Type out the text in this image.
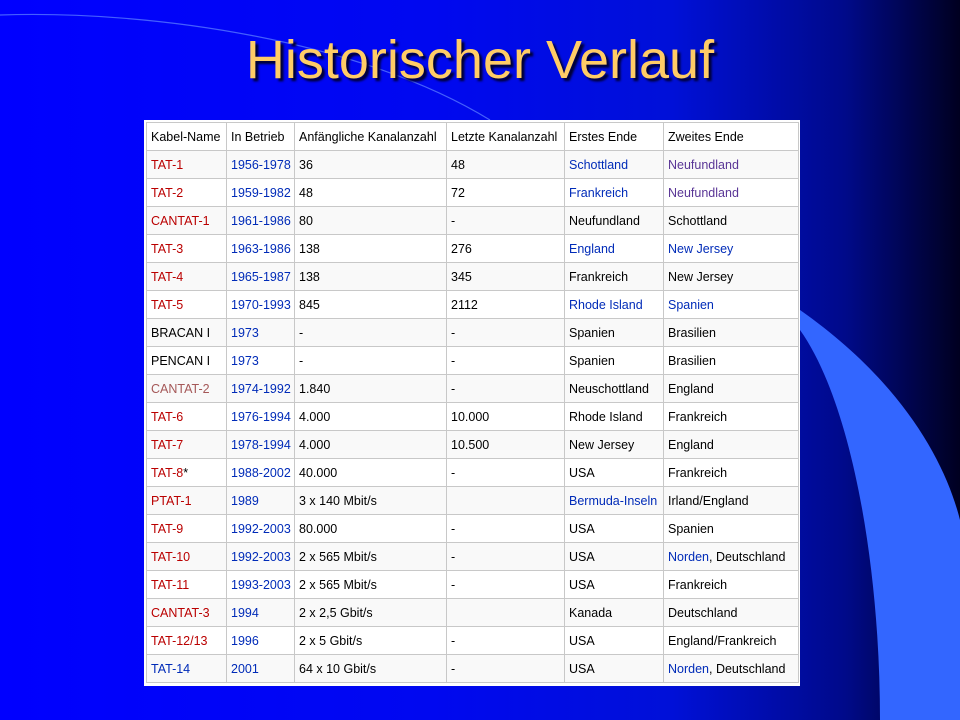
Historischer Verlauf
Kabel-Name	In Betrieb	Anfängliche Kanalanzahl	Letzte Kanalanzahl	Erstes Ende	Zweites Ende
TAT-1	1956-1978	36	48	Schottland	Neufundland
TAT-2	1959-1982	48	72	Frankreich	Neufundland
CANTAT-1	1961-1986	80	-	Neufundland	Schottland
TAT-3	1963-1986	138	276	England	New Jersey
TAT-4	1965-1987	138	345	Frankreich	New Jersey
TAT-5	1970-1993	845	2112	Rhode Island	Spanien
BRACAN I	1973	-	-	Spanien	Brasilien
PENCAN I	1973	-	-	Spanien	Brasilien
CANTAT-2	1974-1992	1.840	-	Neuschottland	England
TAT-6	1976-1994	4.000	10.000	Rhode Island	Frankreich
TAT-7	1978-1994	4.000	10.500	New Jersey	England
TAT-8*	1988-2002	40.000	-	USA	Frankreich
PTAT-1	1989	3 x 140 Mbit/s		Bermuda-Inseln	Irland/England
TAT-9	1992-2003	80.000	-	USA	Spanien
TAT-10	1992-2003	2 x 565 Mbit/s	-	USA	Norden, Deutschland
TAT-11	1993-2003	2 x 565 Mbit/s	-	USA	Frankreich
CANTAT-3	1994	2 x 2,5 Gbit/s		Kanada	Deutschland
TAT-12/13	1996	2 x 5 Gbit/s	-	USA	England/Frankreich
TAT-14	2001	64 x 10 Gbit/s	-	USA	Norden, Deutschland
